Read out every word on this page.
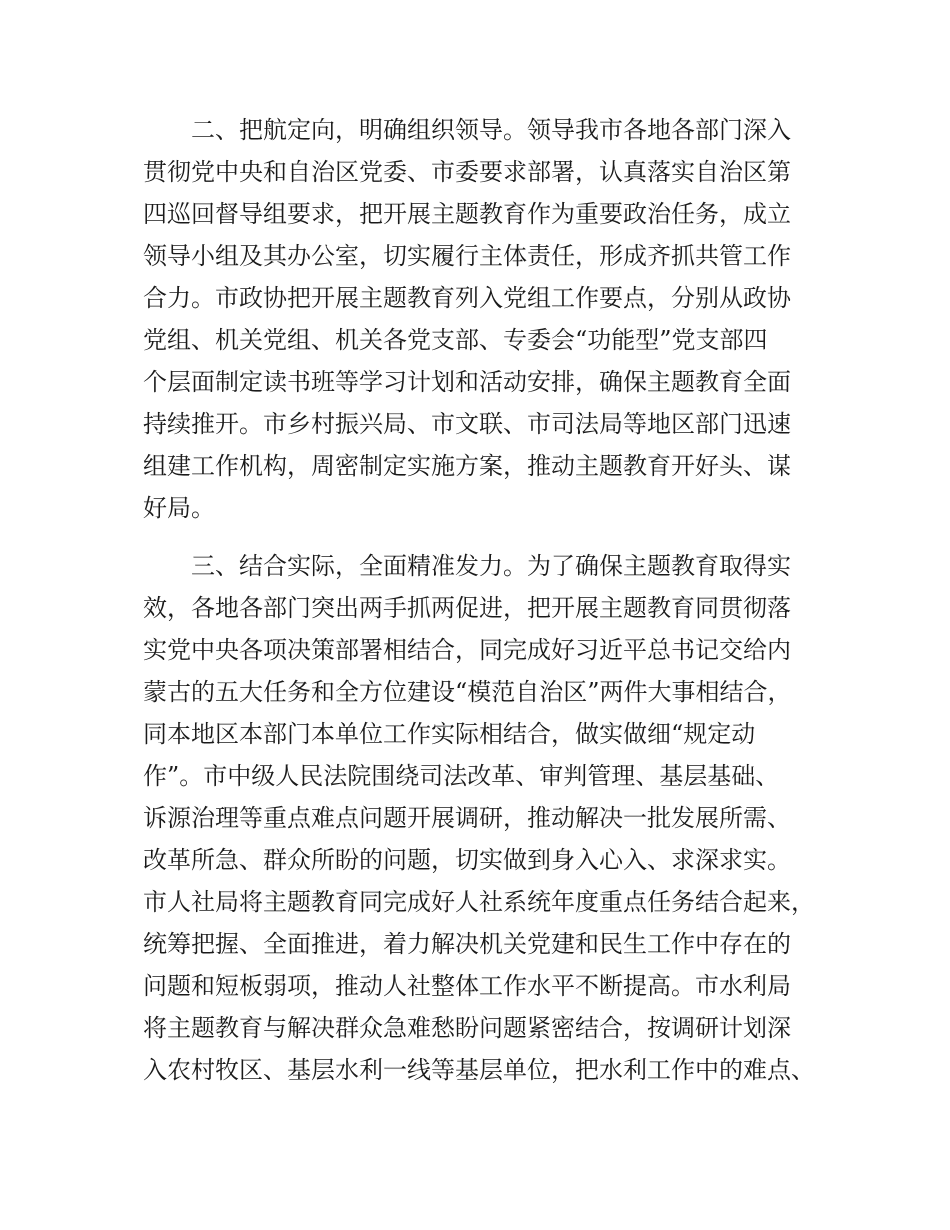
二、把航定向，明确组织领导。领导我市各地各部门深入
贯彻党中央和自治区党委、市委要求部署，认真落实自治区第
四巡回督导组要求，把开展主题教育作为重要政治任务，成立
领导小组及其办公室，切实履行主体责任，形成齐抓共管工作
合力。市政协把开展主题教育列入党组工作要点，分别从政协
党组、机关党组、机关各党支部、专委会“功能型”党支部四
个层面制定读书班等学习计划和活动安排，确保主题教育全面
持续推开。市乡村振兴局、市文联、市司法局等地区部门迅速
组建工作机构，周密制定实施方案，推动主题教育开好头、谋
好局。
三、结合实际，全面精准发力。为了确保主题教育取得实
效，各地各部门突出两手抓两促进，把开展主题教育同贯彻落
实党中央各项决策部署相结合，同完成好习近平总书记交给内
蒙古的五大任务和全方位建设“模范自治区”两件大事相结合，
同本地区本部门本单位工作实际相结合，做实做细“规定动
作”。市中级人民法院围绕司法改革、审判管理、基层基础、
诉源治理等重点难点问题开展调研，推动解决一批发展所需、
改革所急、群众所盼的问题，切实做到身入心入、求深求实。
市人社局将主题教育同完成好人社系统年度重点任务结合起来，
统筹把握、全面推进，着力解决机关党建和民生工作中存在的
问题和短板弱项，推动人社整体工作水平不断提高。市水利局
将主题教育与解决群众急难愁盼问题紧密结合，按调研计划深
入农村牧区、基层水利一线等基层单位，把水利工作中的难点、
